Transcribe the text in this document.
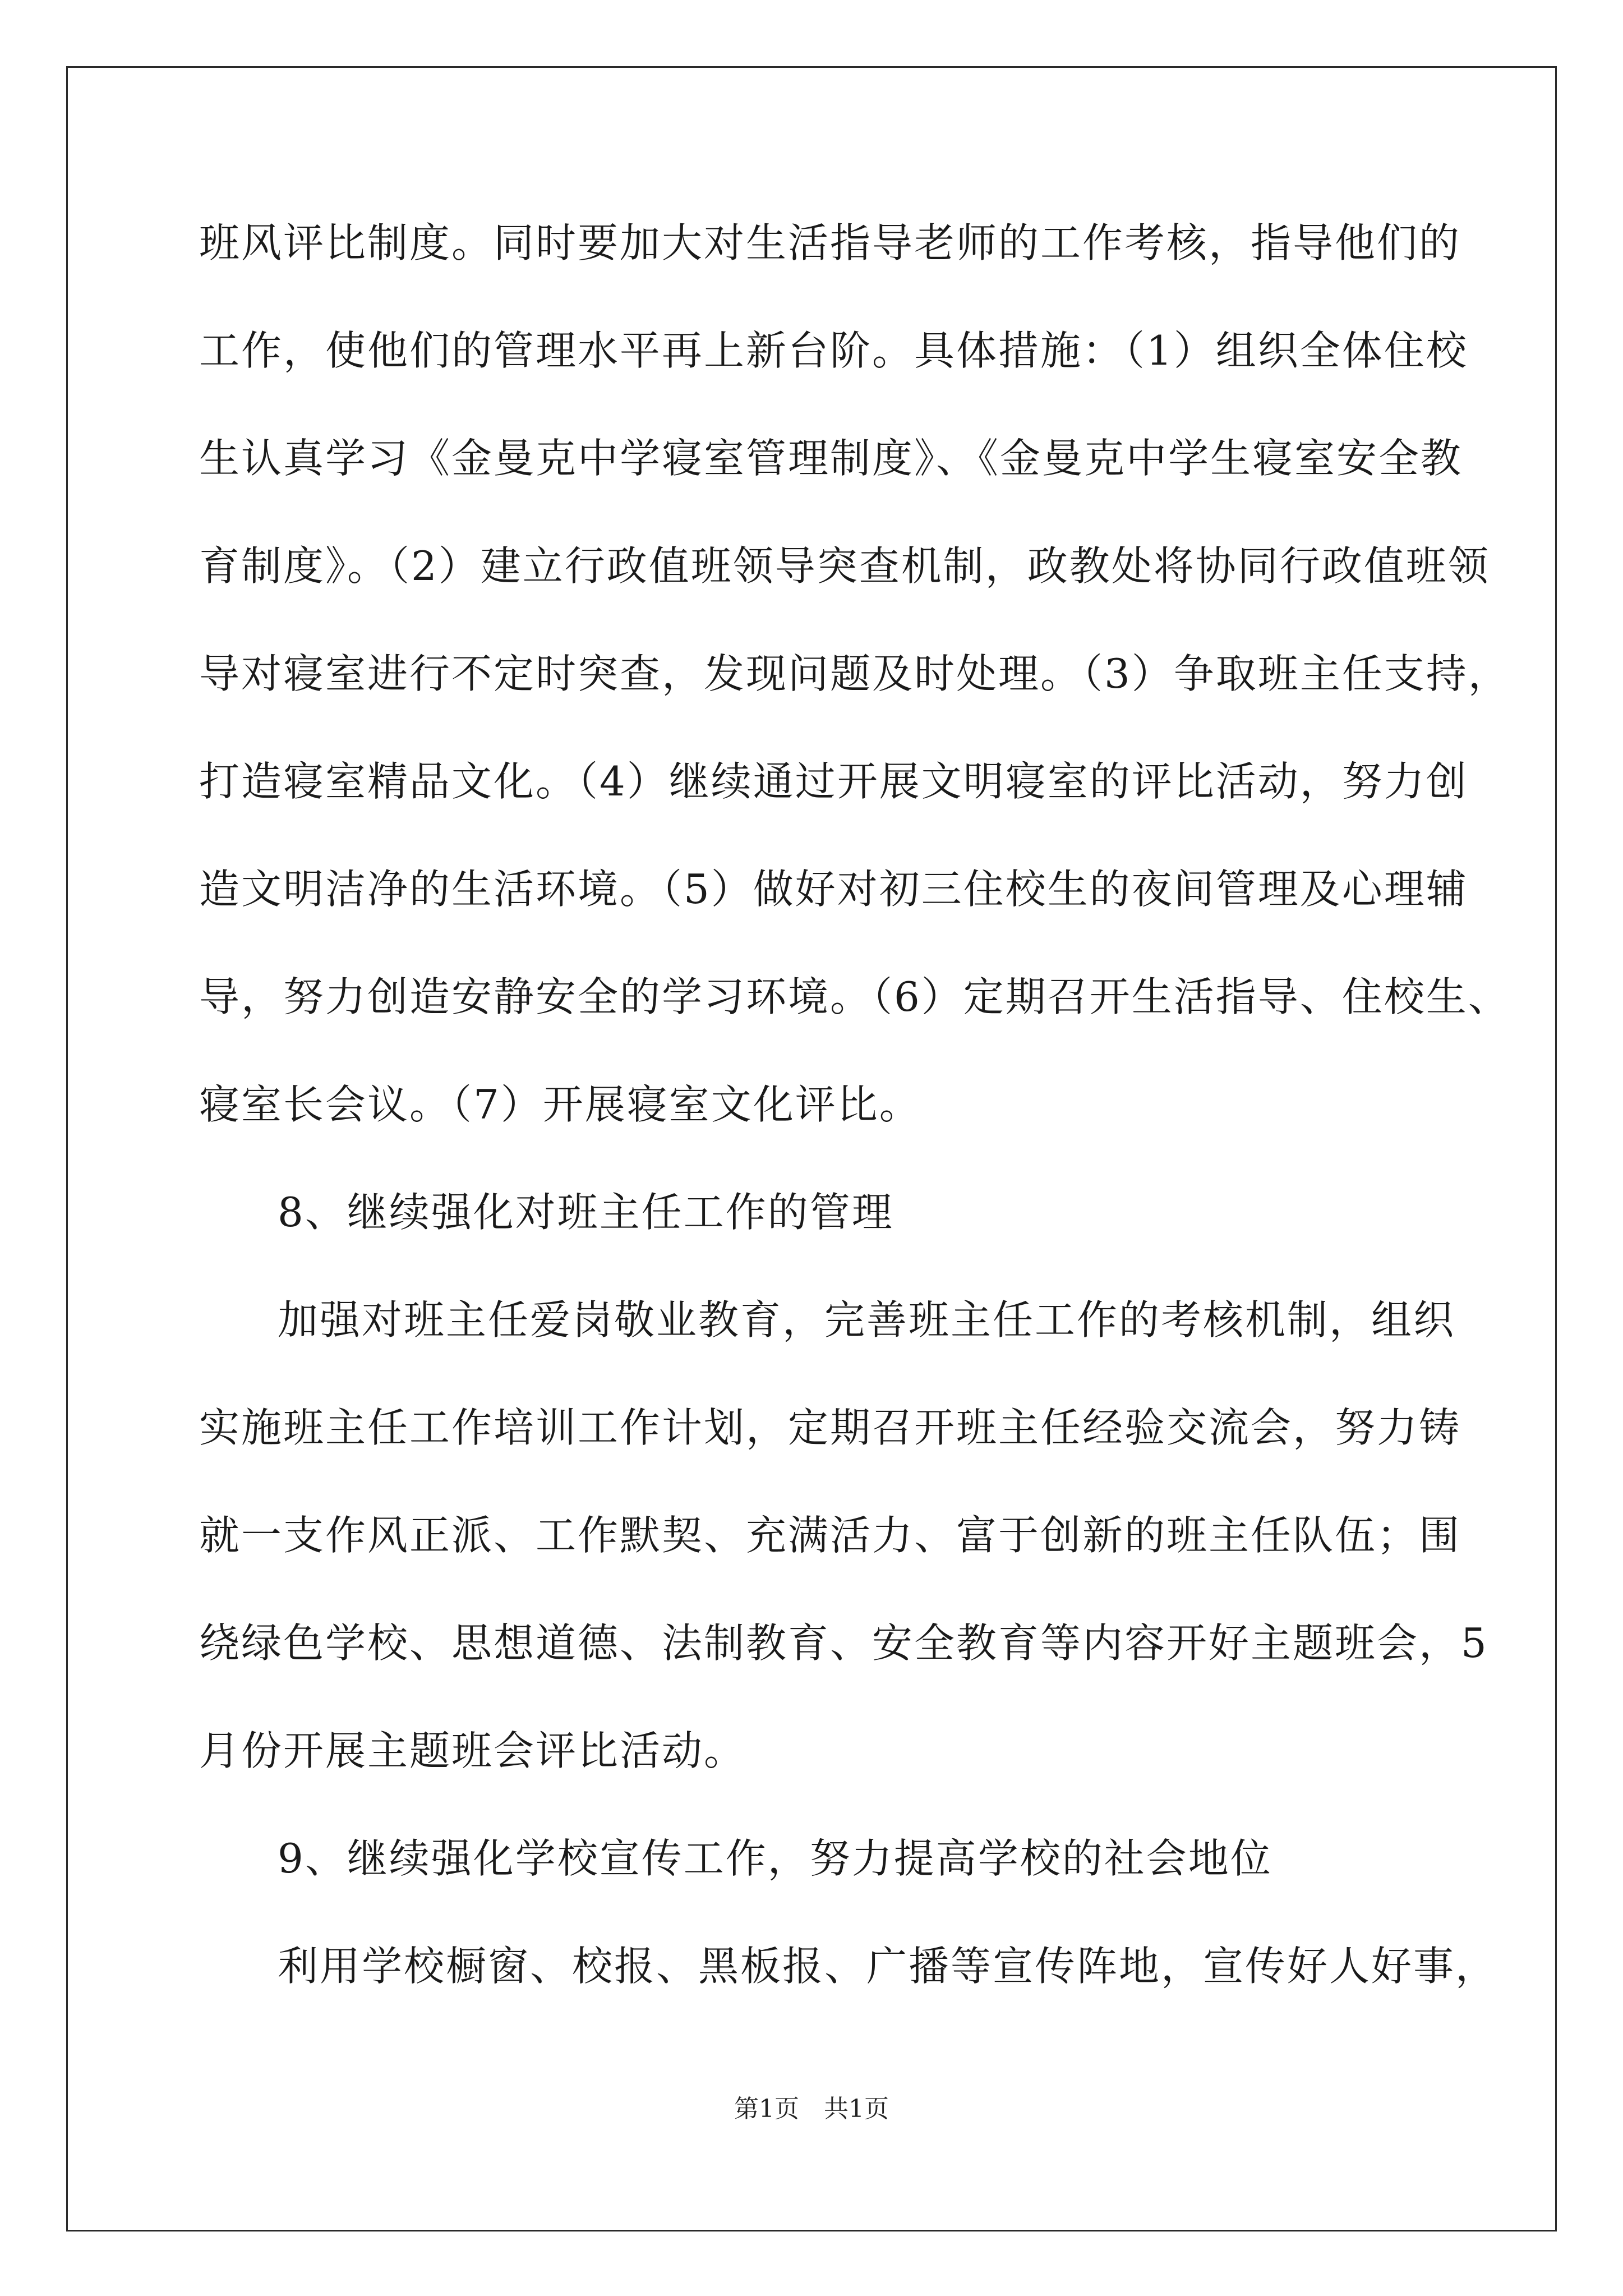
班风评比制度。同时要加大对生活指导老师的工作考核，指导他们的
工作，使他们的管理水平再上新台阶。具体措施：（1）组织全体住校
生认真学习《金曼克中学寝室管理制度》、《金曼克中学生寝室安全教
育制度》。（2）建立行政值班领导突查机制，政教处将协同行政值班领
导对寝室进行不定时突查，发现问题及时处理。（3）争取班主任支持，
打造寝室精品文化。（4）继续通过开展文明寝室的评比活动，努力创
造文明洁净的生活环境。（5）做好对初三住校生的夜间管理及心理辅
导，努力创造安静安全的学习环境。（6）定期召开生活指导、住校生、
寝室长会议。（7）开展寝室文化评比。
8、继续强化对班主任工作的管理
加强对班主任爱岗敬业教育，完善班主任工作的考核机制，组织
实施班主任工作培训工作计划，定期召开班主任经验交流会，努力铸
就一支作风正派、工作默契、充满活力、富于创新的班主任队伍；围
绕绿色学校、思想道德、法制教育、安全教育等内容开好主题班会，5
月份开展主题班会评比活动。
9、继续强化学校宣传工作，努力提高学校的社会地位
利用学校橱窗、校报、黑板报、广播等宣传阵地，宣传好人好事，
第1页　共1页
